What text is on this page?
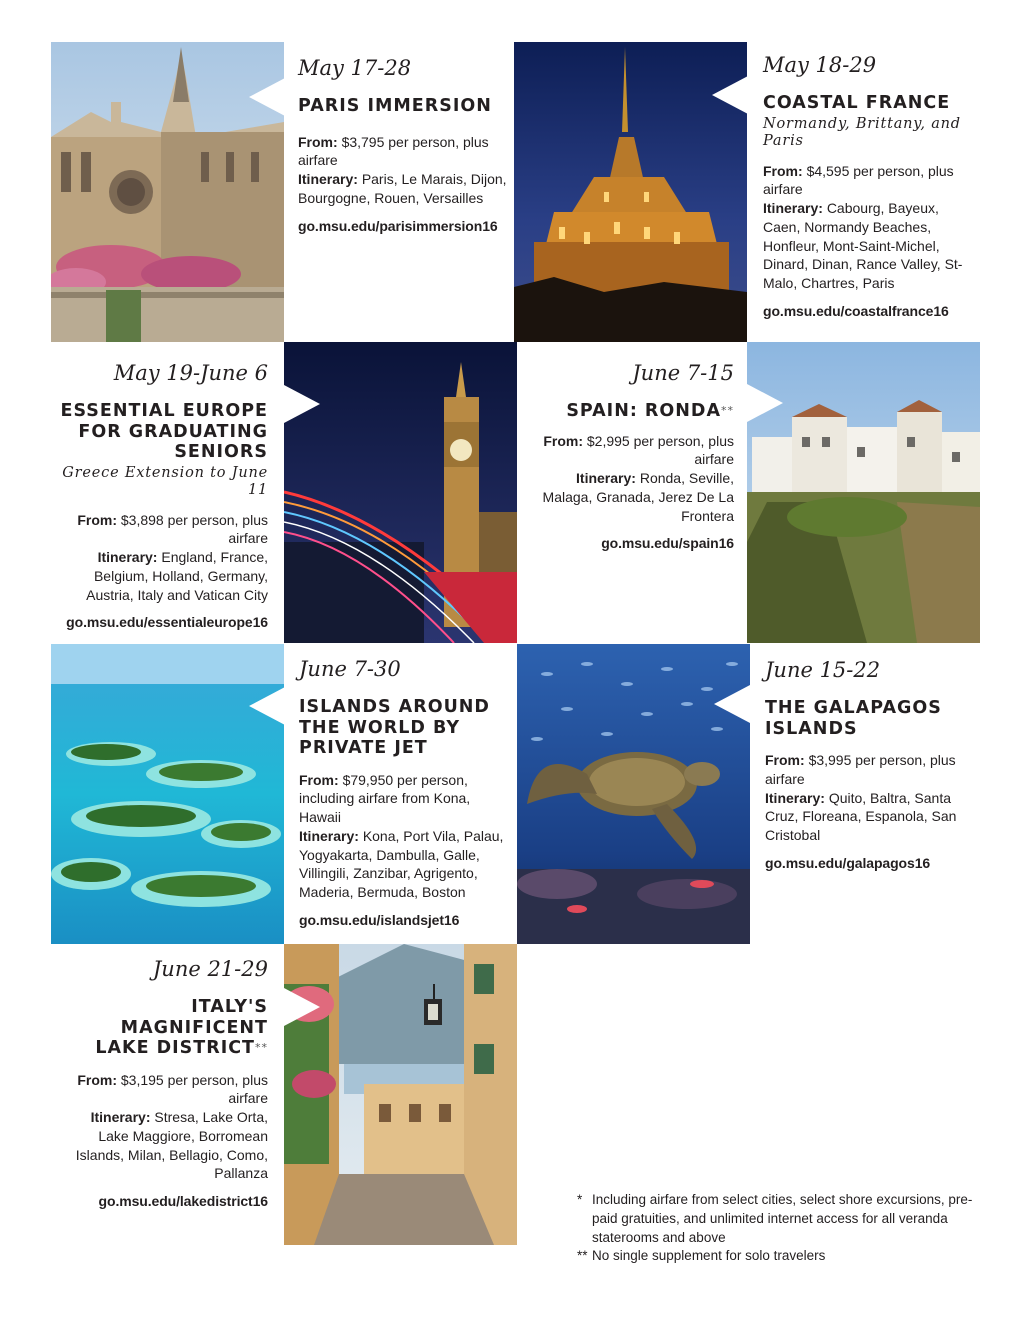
May 17-28
PARIS IMMERSION
From: $3,795 per person, plus airfare
Itinerary: Paris, Le Marais, Dijon, Bourgogne, Rouen, Versailles
go.msu.edu/parisimmersion16
May 18-29
COASTAL FRANCE
Normandy, Brittany, and Paris
From: $4,595 per person, plus airfare
Itinerary: Cabourg, Bayeux, Caen, Normandy Beaches, Honfleur, Mont-Saint-Michel, Dinard, Dinan, Rance Valley, St-Malo, Chartres, Paris
go.msu.edu/coastalfrance16
May 19-June 6
ESSENTIAL EUROPE FOR GRADUATING SENIORS
Greece Extension to June 11
From: $3,898 per person, plus airfare
Itinerary: England, France, Belgium, Holland, Germany, Austria, Italy and Vatican City
go.msu.edu/essentialeurope16
June 7-15
SPAIN: RONDA**
From: $2,995 per person, plus airfare
Itinerary: Ronda, Seville, Malaga, Granada, Jerez De La Frontera
go.msu.edu/spain16
June 7-30
ISLANDS AROUND THE WORLD BY PRIVATE JET
From: $79,950 per person, including airfare from Kona, Hawaii
Itinerary: Kona, Port Vila, Palau, Yogyakarta, Dambulla, Galle, Villingili, Zanzibar, Agrigento, Maderia, Bermuda, Boston
go.msu.edu/islandsjet16
June 15-22
THE GALAPAGOS ISLANDS
From: $3,995 per person, plus airfare
Itinerary: Quito, Baltra, Santa Cruz, Floreana, Espanola, San Cristobal
go.msu.edu/galapagos16
June 21-29
ITALY'S MAGNIFICENT LAKE DISTRICT**
From: $3,195 per person, plus airfare
Itinerary: Stresa, Lake Orta, Lake Maggiore, Borromean Islands, Milan, Bellagio, Como, Pallanza
go.msu.edu/lakedistrict16	* Including airfare from select cities, select shore excursions, pre-paid gratuities, and unlimited internet access for all veranda staterooms and above
** No single supplement for solo travelers
